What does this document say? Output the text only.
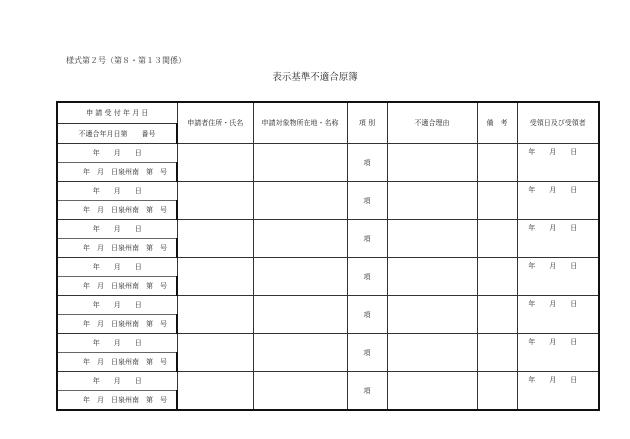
様式第２号（第８・第１３関係）
表示基準不適合原簿
申 請 受 付 年 月 日	申請者住所・氏名	申請対象物所在地・名称	項 別	不適合理由	備　考	受領日及び受領者
不適合年月日第　　番号						
年　　月　　日			項			年　　月　　日
年　月　日泉州南　第　号						
年　　月　　日			項			年　　月　　日
年　月　日泉州南　第　号						
年　　月　　日			項			年　　月　　日
年　月　日泉州南　第　号						
年　　月　　日			項			年　　月　　日
年　月　日泉州南　第　号						
年　　月　　日			項			年　　月　　日
年　月　日泉州南　第　号						
年　　月　　日			項			年　　月　　日
年　月　日泉州南　第　号						
年　　月　　日			項			年　　月　　日
年　月　日泉州南　第　号						
